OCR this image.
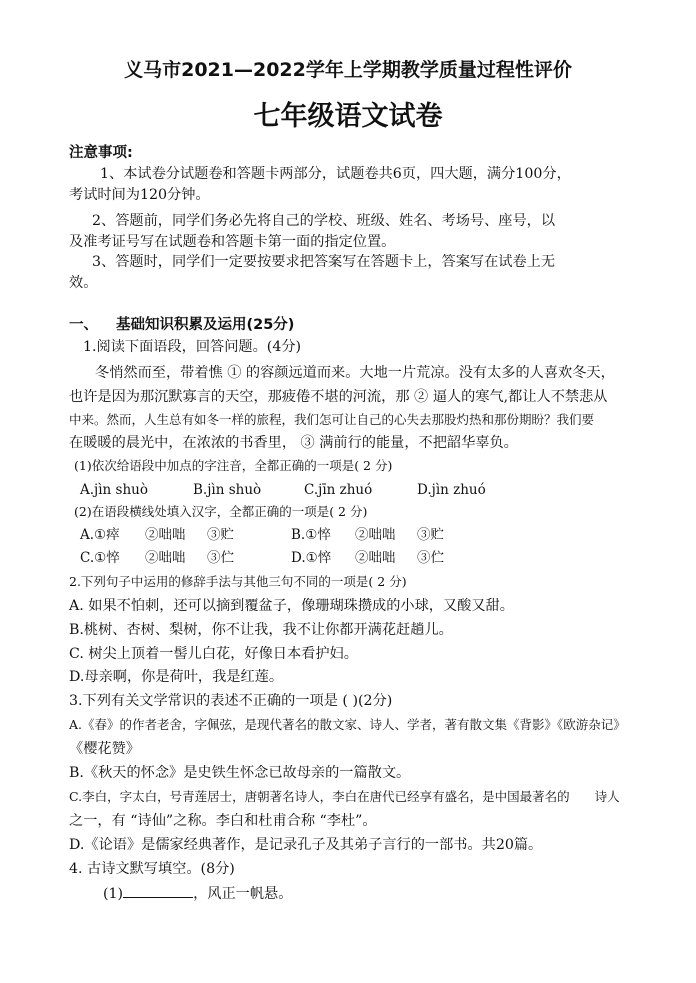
义马市2021—2022学年上学期教学质量过程性评价
七年级语文试卷
注意事项:
1、本试卷分试题卷和答题卡两部分，试题卷共6页，四大题，满分100分，
考试时间为120分钟。
2、答题前，同学们务必先将自己的学校、班级、姓名、考场号、座号，以
及准考证号写在试题卷和答题卡第一面的指定位置。
3、答题时，同学们一定要按要求把答案写在答题卡上，答案写在试卷上无
效。
一、 基础知识积累及运用(25分)
1.阅读下面语段，回答问题。(4分)
冬悄然而至，带着憔 ① 的容颜远道而来。大地一片荒凉。没有太多的人喜欢冬天，
也许是因为那沉默寡言的天空，那疲倦不堪的河流，那 ② 逼人的寒气,都让人不禁悲从
中来。然而，人生总有如冬一样的旅程，我们怎可让自己的心失去那股灼热和那份期盼？我们要
在暖暖的晨光中，在浓浓的书香里， ③ 满前行的能量，不把韶华辜负。
(1)依次给语段中加点的字注音，全都正确的一项是( 2 分)
A.jìn shuò	B.jìn shuò	C.jīn zhuó	D.jìn zhuó
(2)在语段横线处填入汉字，全都正确的一项是( 2 分)
A.①瘁 ②咄咄 ③贮	B.①悴 ②咄咄 ③贮
C.①悴 ②咄咄 ③伫	D.①悴 ②咄咄 ③伫
2.下列句子中运用的修辞手法与其他三句不同的一项是( 2 分)
A. 如果不怕刺，还可以摘到覆盆子，像珊瑚珠攒成的小球，又酸又甜。
B.桃树、杏树、梨树，你不让我，我不让你都开满花赶趟儿。
C. 树尖上顶着一髻儿白花，好像日本看护妇。
D.母亲啊，你是荷叶，我是红莲。
3.下列有关文学常识的表述不正确的一项是 ( )(2分)
A.《春》的作者老舍，字佩弦，是现代著名的散文家、诗人、学者，著有散文集《背影》《欧游杂记》
《樱花赞》
B.《秋天的怀念》是史铁生怀念已故母亲的一篇散文。
C.李白，字太白，号青莲居士，唐朝著名诗人，李白在唐代已经享有盛名，是中国最著名的　　诗人
之一，有 “诗仙”之称。李白和杜甫合称 “李杜”。
D.《论语》是儒家经典著作，是记录孔子及其弟子言行的一部书。共20篇。
4. 古诗文默写填空。(8分)
(1)	，风正一帆悬。
